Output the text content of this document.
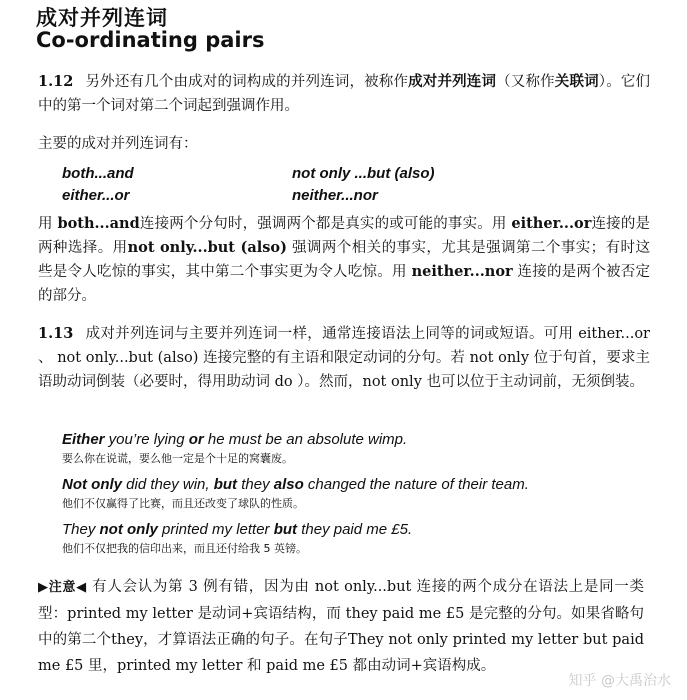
成对并列连词
Co-ordinating pairs
1.12 另外还有几个由成对的词构成的并列连词，被称作成对并列连词（又称作关联词）。它们中的第一个词对第二个词起到强调作用。
主要的成对并列连词有：
both...and	not only ...but (also)
either...or	neither...nor
用 both...and连接两个分句时，强调两个都是真实的或可能的事实。用 either...or连接的是两种选择。用not only...but (also) 强调两个相关的事实，尤其是强调第二个事实；有时这些是令人吃惊的事实，其中第二个事实更为令人吃惊。用 neither...nor 连接的是两个被否定的部分。
1.13 成对并列连词与主要并列连词一样，通常连接语法上同等的词或短语。可用 either...or 、 not only...but (also) 连接完整的有主语和限定动词的分句。若 not only 位于句首，要求主语助动词倒装（必要时，得用助动词 do ）。然而，not only 也可以位于主动词前，无须倒装。
Either you’re lying or he must be an absolute wimp.
要么你在说谎，要么他一定是个十足的窝囊废。
Not only did they win, but they also changed the nature of their team.
他们不仅赢得了比赛，而且还改变了球队的性质。
They not only printed my letter but they paid me £5.
他们不仅把我的信印出来，而且还付给我 5 英镑。
▶注意◀ 有人会认为第 3 例有错，因为由 not only...but 连接的两个成分在语法上是同一类型：printed my letter 是动词+宾语结构，而 they paid me £5 是完整的分句。如果省略句中的第二个they，才算语法正确的句子。在句子They not only printed my letter but paid me £5 里，printed my letter 和 paid me £5 都由动词+宾语构成。
知乎 @大禹治水
